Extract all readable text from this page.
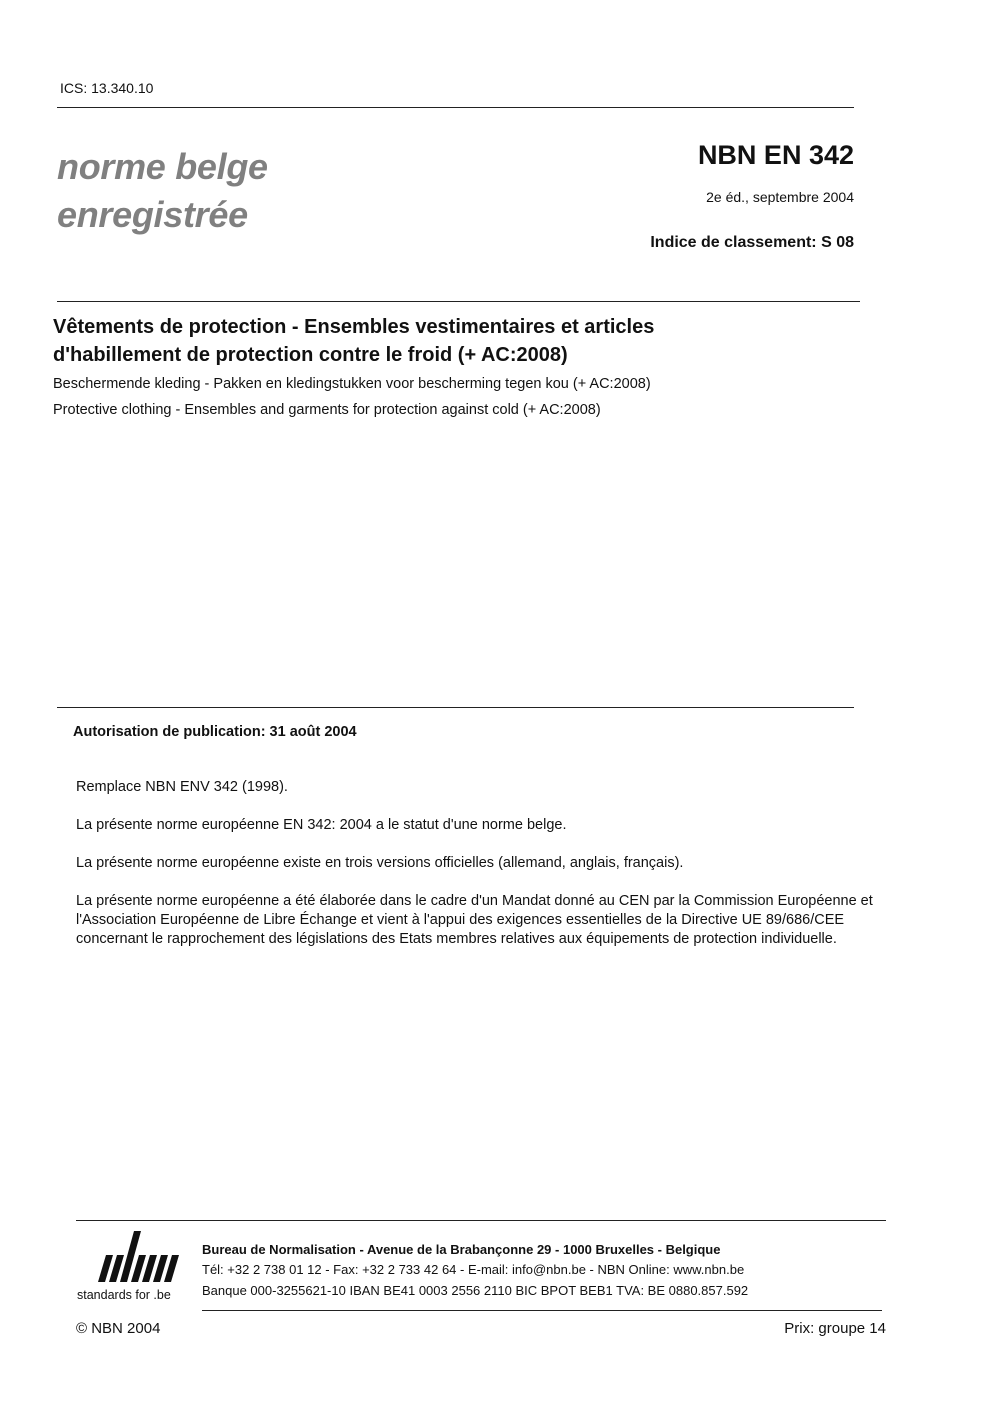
ICS: 13.340.10
norme belge
enregistrée
NBN EN 342
2e éd., septembre 2004
Indice de classement: S 08
Vêtements de protection - Ensembles vestimentaires et articles
d'habillement de protection contre le froid (+ AC:2008)
Beschermende kleding - Pakken en kledingstukken voor bescherming tegen kou (+ AC:2008)
Protective clothing - Ensembles and garments for protection against cold (+ AC:2008)
Autorisation de publication: 31 août 2004
Remplace NBN ENV 342 (1998).
La présente norme européenne EN 342: 2004 a le statut d'une norme belge.
La présente norme européenne existe en trois versions officielles (allemand, anglais, français).
La présente norme européenne a été élaborée dans le cadre d'un Mandat donné au CEN par la Commission Européenne et l'Association Européenne de Libre Échange et vient à l'appui des exigences essentielles de la Directive UE 89/686/CEE concernant le rapprochement des législations des Etats membres relatives aux équipements de protection individuelle.
standards for .be
Bureau de Normalisation - Avenue de la Brabançonne 29 - 1000 Bruxelles - Belgique
Tél: +32 2 738 01 12 - Fax: +32 2 733 42 64 - E-mail: info@nbn.be - NBN Online: www.nbn.be
Banque 000-3255621-10 IBAN BE41 0003 2556 2110 BIC BPOT BEB1 TVA: BE 0880.857.592
© NBN 2004	Prix: groupe 14
